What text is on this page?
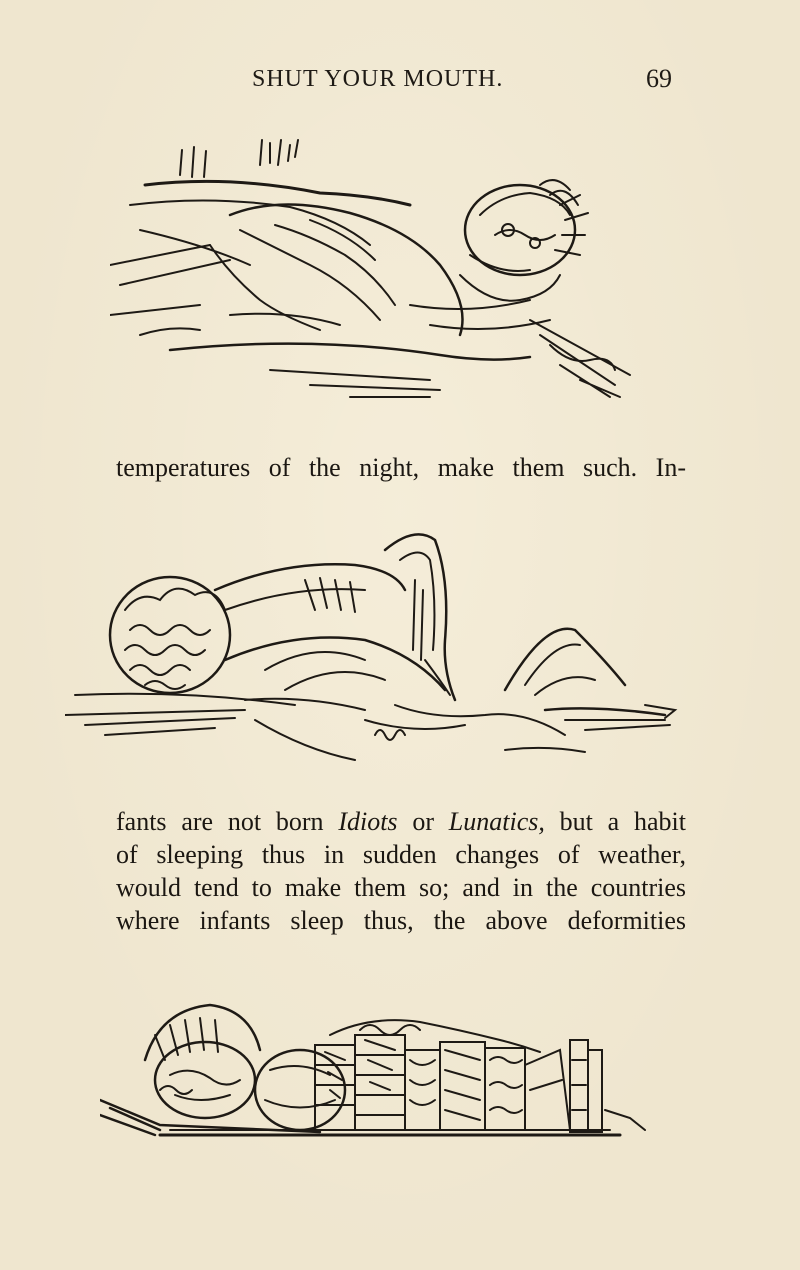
SHUT YOUR MOUTH.	69
temperatures of the night, make them such. In-
fants are not born Idiots or Lunatics, but a habit
of sleeping thus in sudden changes of weather,
would tend to make them so; and in the countries
where infants sleep thus, the above deformities
